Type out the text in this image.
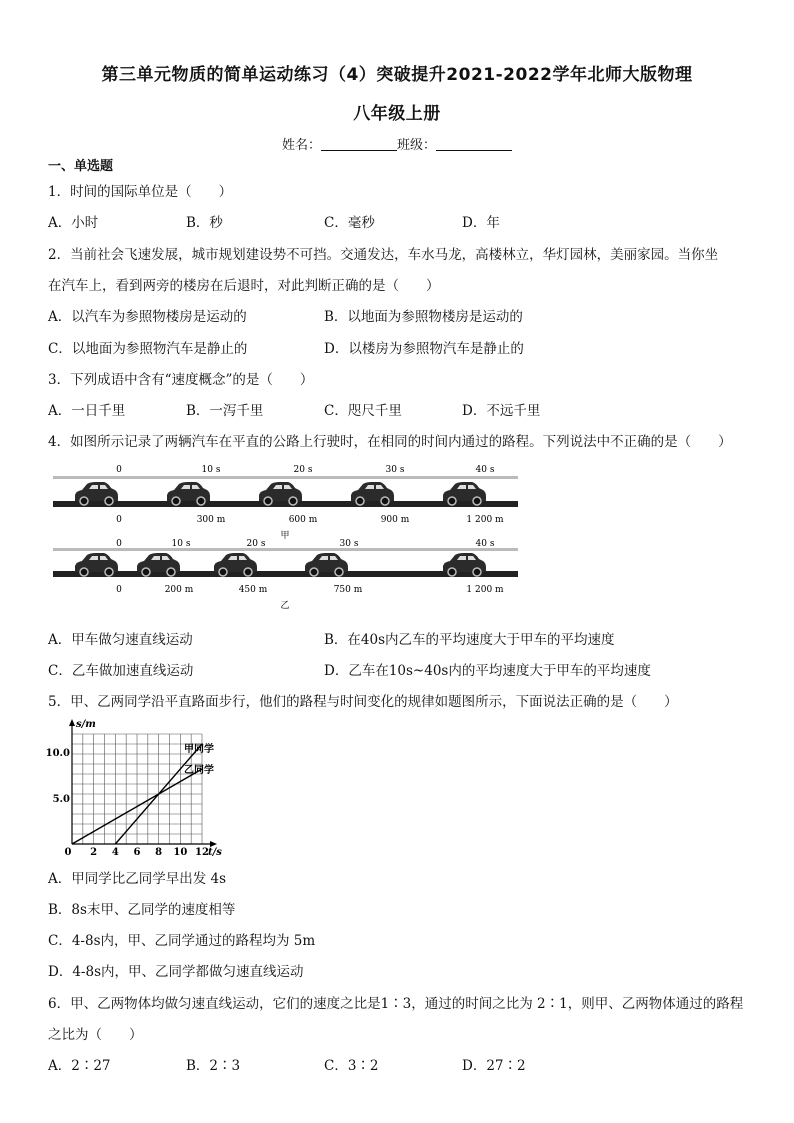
第三单元物质的简单运动练习（4）突破提升2021-2022学年北师大版物理
八年级上册
姓名：	班级：
一、单选题
1．时间的国际单位是（　　）
A．小时	B．秒	C．毫秒	D．年
2．当前社会飞速发展，城市规划建设势不可挡。交通发达，车水马龙，高楼林立，华灯园林，美丽家园。当你坐
在汽车上，看到两旁的楼房在后退时，对此判断正确的是（　　）
A．以汽车为参照物楼房是运动的	B．以地面为参照物楼房是运动的
C．以地面为参照物汽车是静止的	D．以楼房为参照物汽车是静止的
3．下列成语中含有“速度概念”的是（　　）
A．一日千里	B．一泻千里	C．咫尺千里	D．不远千里
4．如图所示记录了两辆汽车在平直的公路上行驶时，在相同的时间内通过的路程。下列说法中不正确的是（　　）
0	10 s	20 s	30 s	40 s
0	300 m	600 m	900 m	1 200 m
甲
0	10 s	20 s	30 s	40 s
0	200 m	450 m	750 m	1 200 m
乙
A．甲车做匀速直线运动	B．在40s内乙车的平均速度大于甲车的平均速度
C．乙车做加速直线运动	D．乙车在10s~40s内的平均速度大于甲车的平均速度
5．甲、乙两同学沿平直路面步行，他们的路程与时间变化的规律如题图所示，下面说法正确的是（　　）
s/m
t/s
10.0
5.0
0 2 4 6 8 10 12
甲同学
乙同学
A．甲同学比乙同学早出发 4s
B．8s末甲、乙同学的速度相等
C．4-8s内，甲、乙同学通过的路程均为 5m
D．4-8s内，甲、乙同学都做匀速直线运动
6．甲、乙两物体均做匀速直线运动，它们的速度之比是1∶3，通过的时间之比为 2∶1，则甲、乙两物体通过的路程
之比为（　　）
A．2∶27	B．2∶3	C．3∶2	D．27∶2
